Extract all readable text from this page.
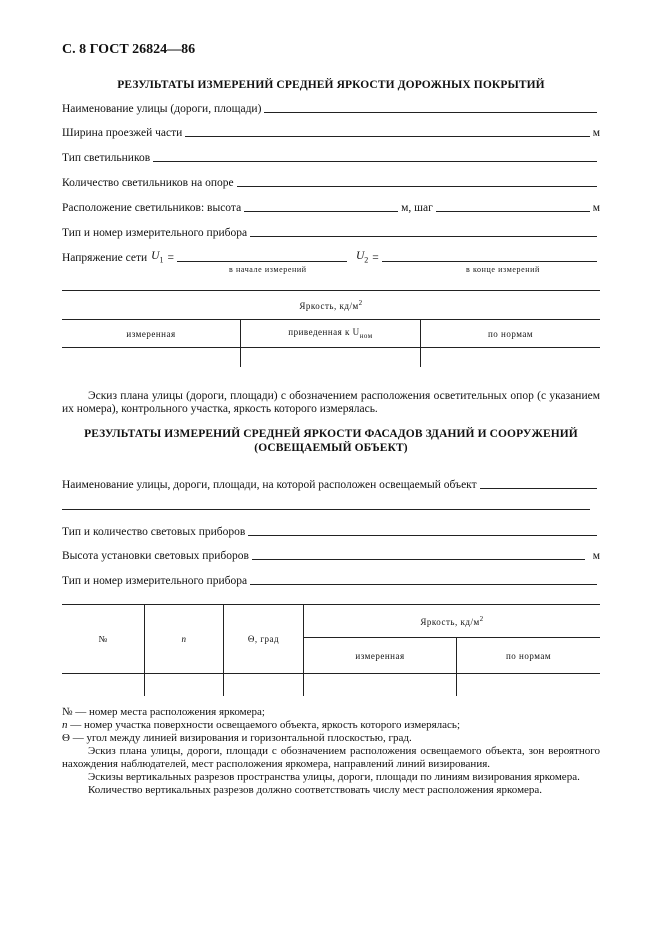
С. 8 ГОСТ 26824—86
РЕЗУЛЬТАТЫ ИЗМЕРЕНИЙ СРЕДНЕЙ ЯРКОСТИ ДОРОЖНЫХ ПОКРЫТИЙ
Наименование улицы (дороги, площади)
Ширина проезжей части	м
Тип светильников
Количество светильников на опоре
Расположение светильников: высота	м, шаг	м
Тип и номер измерительного прибора
Напряжение сети $U_1$ =	$U_2$ =
в начале измерений	в конце измерений
Яркость, $кд/м^2$
измеренная	приведенная к $U_{ном}$	по нормам

Эскиз плана улицы (дороги, площади) с обозначением расположения осветительных опор (с указанием их номера), контрольного участка, яркость которого измерялась.
РЕЗУЛЬТАТЫ ИЗМЕРЕНИЙ СРЕДНЕЙ ЯРКОСТИ ФАСАДОВ ЗДАНИЙ И СООРУЖЕНИЙ
(ОСВЕЩАЕМЫЙ ОБЪЕКТ)
Наименование улицы, дороги, площади, на которой расположен освещаемый объект
Тип и количество световых приборов
Высота установки световых приборов	м
Тип и номер измерительного прибора
№	n	Θ, град	Яркость, $кд/м^2$
			измеренная	по нормам

№ — номер места расположения яркомера;
n — номер участка поверхности освещаемого объекта, яркость которого измерялась;
Θ — угол между линией визирования и горизонтальной плоскостью, град.
Эскиз плана улицы, дороги, площади с обозначением расположения освещаемого объекта, зон вероятного нахождения наблюдателей, мест расположения яркомера, направлений линий визирования.
Эскизы вертикальных разрезов пространства улицы, дороги, площади по линиям визирования яркомера.
Количество вертикальных разрезов должно соответствовать числу мест расположения яркомера.
